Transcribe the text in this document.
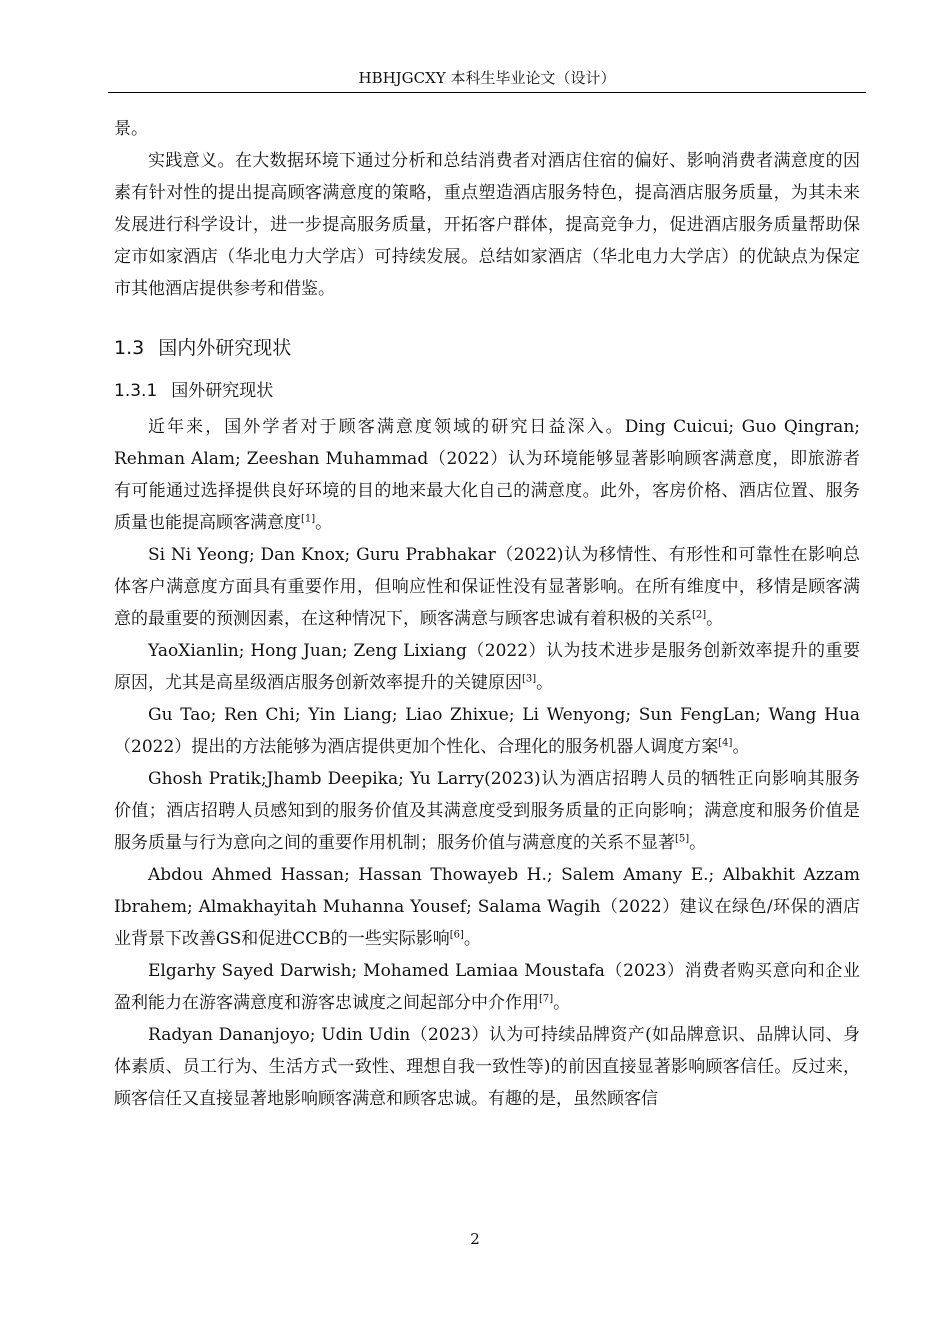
HBHJGCXY 本科生毕业论文（设计）

景。

实践意义。在大数据环境下通过分析和总结消费者对酒店住宿的偏好、影响消费者满意度的因素有针对性的提出提高顾客满意度的策略，重点塑造酒店服务特色，提高酒店服务质量，为其未来发展进行科学设计，进一步提高服务质量，开拓客户群体，提高竞争力，促进酒店服务质量帮助保定市如家酒店（华北电力大学店）可持续发展。总结如家酒店（华北电力大学店）的优缺点为保定市其他酒店提供参考和借鉴。

1.3 国内外研究现状
1.3.1 国外研究现状

近年来，国外学者对于顾客满意度领域的研究日益深入。Ding Cuicui; Guo Qingran; Rehman Alam; Zeeshan Muhammad（2022）认为环境能够显著影响顾客满意度，即旅游者有可能通过选择提供良好环境的目的地来最大化自己的满意度。此外，客房价格、酒店位置、服务质量也能提高顾客满意度[1]。

Si Ni Yeong; Dan Knox; Guru Prabhakar（2022)认为移情性、有形性和可靠性在影响总体客户满意度方面具有重要作用，但响应性和保证性没有显著影响。在所有维度中，移情是顾客满意的最重要的预测因素，在这种情况下，顾客满意与顾客忠诚有着积极的关系[2]。

YaoXianlin; Hong Juan; Zeng Lixiang（2022）认为技术进步是服务创新效率提升的重要原因，尤其是高星级酒店服务创新效率提升的关键原因[3]。

Gu Tao; Ren Chi; Yin Liang; Liao Zhixue; Li Wenyong; Sun FengLan; Wang Hua（2022）提出的方法能够为酒店提供更加个性化、合理化的服务机器人调度方案[4]。

Ghosh Pratik;Jhamb Deepika; Yu Larry(2023)认为酒店招聘人员的牺牲正向影响其服务价值；酒店招聘人员感知到的服务价值及其满意度受到服务质量的正向影响；满意度和服务价值是服务质量与行为意向之间的重要作用机制；服务价值与满意度的关系不显著[5]。

Abdou Ahmed Hassan; Hassan Thowayeb H.; Salem Amany E.; Albakhit Azzam Ibrahem; Almakhayitah Muhanna Yousef; Salama Wagih（2022）建议在绿色/环保的酒店业背景下改善GS和促进CCB的一些实际影响[6]。

Elgarhy Sayed Darwish; Mohamed Lamiaa Moustafa（2023）消费者购买意向和企业盈利能力在游客满意度和游客忠诚度之间起部分中介作用[7]。

Radyan Dananjoyo; Udin Udin（2023）认为可持续品牌资产(如品牌意识、品牌认同、身体素质、员工行为、生活方式一致性、理想自我一致性等)的前因直接显著影响顾客信任。反过来，顾客信任又直接显著地影响顾客满意和顾客忠诚。有趣的是，虽然顾客信

2
